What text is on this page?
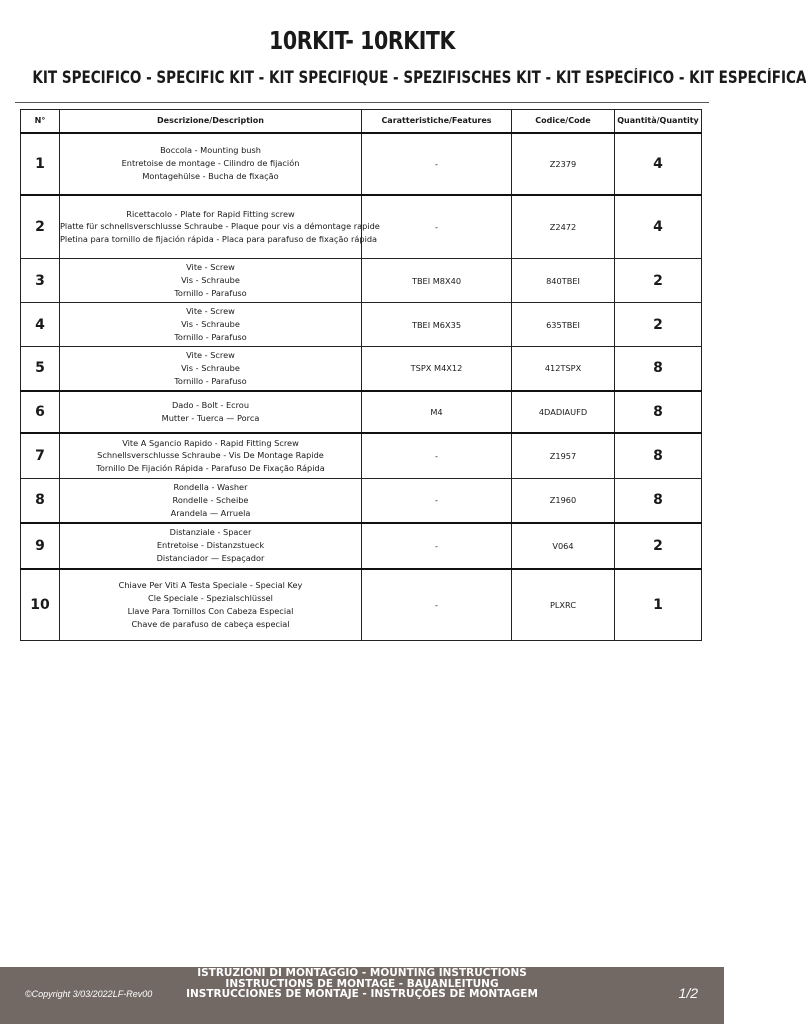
10RKIT- 10RKITK
KIT SPECIFICO - SPECIFIC KIT - KIT SPECIFIQUE - SPEZIFISCHES KIT - KIT ESPECÍFICO - KIT ESPECÍFICA
N°	Descrizione/Description	Caratteristiche/Features	Codice/Code	Quantità/Quantity
1	Boccola - Mounting bush
Entretoise de montage - Cilindro de fijación
Montagehülse - Bucha de fixação	-	Z2379	4
2	Ricettacolo - Plate for Rapid Fitting screw
Platte für schnellsverschlusse Schraube - Plaque pour vis a démontage rapide
Pletina para tornillo de fijación rápida - Placa para parafuso de fixação rápida	-	Z2472	4
3	Vite - Screw
Vis - Schraube
Tornillo - Parafuso	TBEI M8X40	840TBEI	2
4	Vite - Screw
Vis - Schraube
Tornillo - Parafuso	TBEI M6X35	635TBEI	2
5	Vite - Screw
Vis - Schraube
Tornillo - Parafuso	TSPX M4X12	412TSPX	8
6	Dado - Bolt - Ecrou
Mutter - Tuerca — Porca	M4	4DADIAUFD	8
7	Vite A Sgancio Rapido - Rapid Fitting Screw
Schnellsverschlusse Schraube - Vis De Montage Rapide
Tornillo De Fijación Rápida - Parafuso De Fixação Rápida	-	Z1957	8
8	Rondella - Washer
Rondelle - Scheibe
Arandela — Arruela	-	Z1960	8
9	Distanziale - Spacer
Entretoise - Distanzstueck
Distanciador — Espaçador	-	V064	2
10	Chiave Per Viti A Testa Speciale - Special Key
Cle Speciale - Spezialschlüssel
Llave Para Tornillos Con Cabeza Especial
Chave de parafuso de cabeça especial	-	PLXRC	1
ISTRUZIONI DI MONTAGGIO - MOUNTING INSTRUCTIONS
INSTRUCTIONS DE MONTAGE - BAUANLEITUNG
INSTRUCCIONES DE MONTAJE - INSTRUÇÕES DE MONTAGEM
©Copyright 3/03/2022LF-Rev00	1/2
